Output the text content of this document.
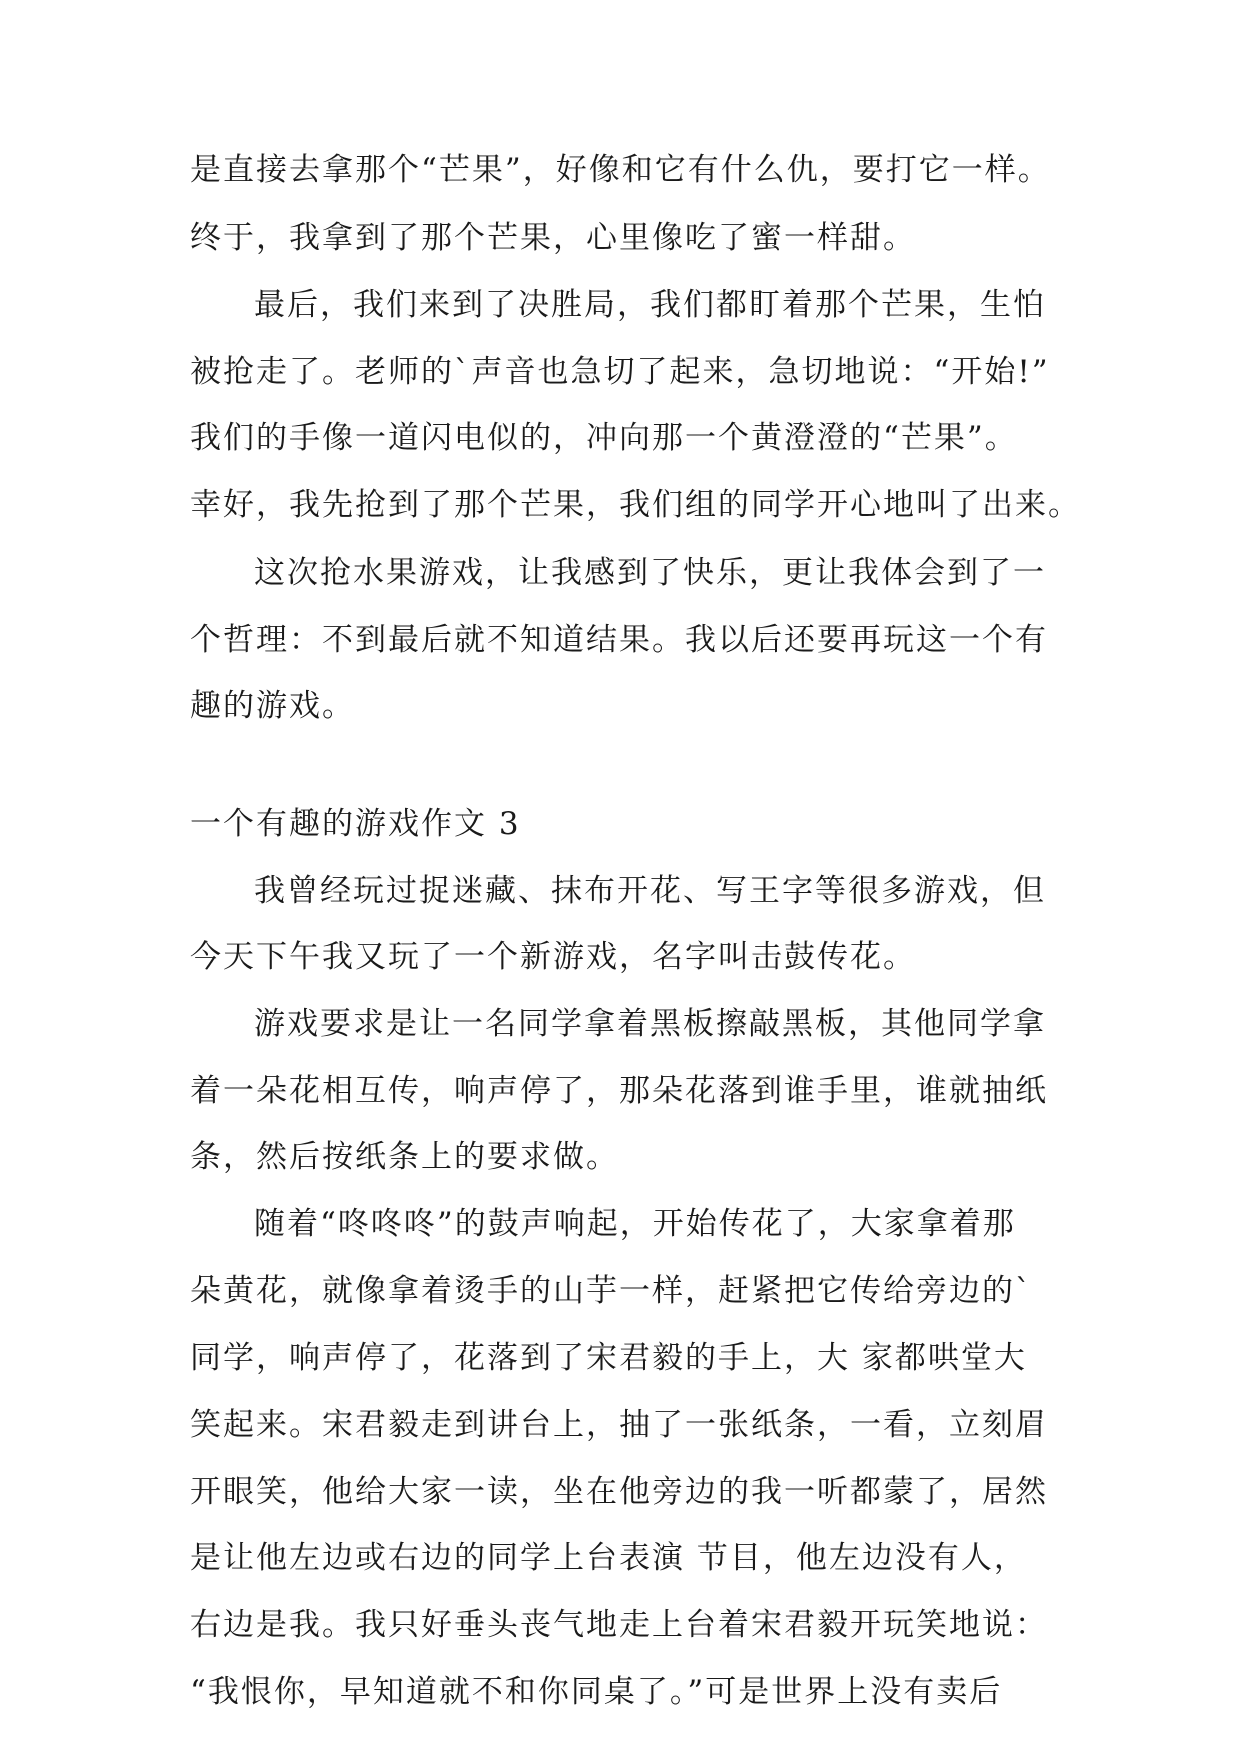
是直接去拿那个“芒果”，好像和它有什么仇，要打它一样。
终于，我拿到了那个芒果，心里像吃了蜜一样甜。
最后，我们来到了决胜局，我们都盯着那个芒果，生怕
被抢走了。老师的`声音也急切了起来，急切地说：“开始!”
我们的手像一道闪电似的，冲向那一个黄澄澄的“芒果”。
幸好，我先抢到了那个芒果，我们组的同学开心地叫了出来。
这次抢水果游戏，让我感到了快乐，更让我体会到了一
个哲理：不到最后就不知道结果。我以后还要再玩这一个有
趣的游戏。
一个有趣的游戏作文 3
我曾经玩过捉迷藏、抹布开花、写王字等很多游戏，但
今天下午我又玩了一个新游戏，名字叫击鼓传花。
游戏要求是让一名同学拿着黑板擦敲黑板，其他同学拿
着一朵花相互传，响声停了，那朵花落到谁手里，谁就抽纸
条，然后按纸条上的要求做。
随着“咚咚咚”的鼓声响起，开始传花了，大家拿着那
朵黄花，就像拿着烫手的山芋一样，赶紧把它传给旁边的`
同学，响声停了，花落到了宋君毅的手上，大 家都哄堂大
笑起来。宋君毅走到讲台上，抽了一张纸条，一看，立刻眉
开眼笑，他给大家一读，坐在他旁边的我一听都蒙了，居然
是让他左边或右边的同学上台表演 节目，他左边没有人，
右边是我。我只好垂头丧气地走上台着宋君毅开玩笑地说：
“我恨你，早知道就不和你同桌了。”可是世界上没有卖后
